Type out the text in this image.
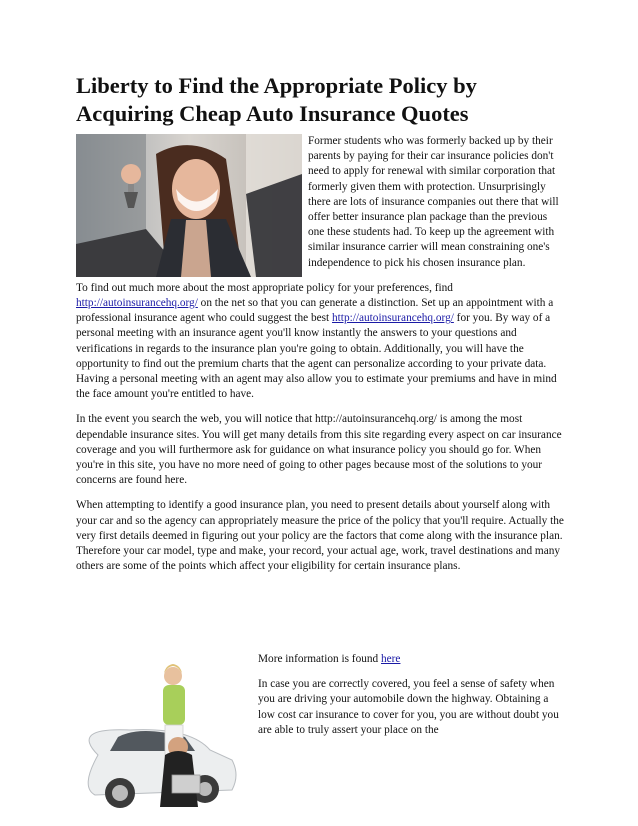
Liberty to Find the Appropriate Policy by Acquiring Cheap Auto Insurance Quotes

Former students who was formerly backed up by their parents by paying for their car insurance policies don't need to apply for renewal with similar corporation that formerly given them with protection. Unsurprisingly there are lots of insurance companies out there that will offer better insurance plan package than the previous one these students had. To keep up the agreement with similar insurance carrier will mean constraining one's independence to pick his chosen insurance plan.

To find out much more about the most appropriate policy for your preferences, find http://autoinsurancehq.org/ on the net so that you can generate a distinction. Set up an appointment with a professional insurance agent who could suggest the best http://autoinsurancehq.org/ for you. By way of a personal meeting with an insurance agent you'll know instantly the answers to your questions and verifications in regards to the insurance plan you're going to obtain. Additionally, you will have the opportunity to find out the premium charts that the agent can personalize according to your private data. Having a personal meeting with an agent may also allow you to estimate your premiums and have in mind the face amount you're entitled to have.

In the event you search the web, you will notice that http://autoinsurancehq.org/ is among the most dependable insurance sites. You will get many details from this site regarding every aspect on car insurance coverage and you will furthermore ask for guidance on what insurance policy you should go for. When you're in this site, you have no more need of going to other pages because most of the solutions to your concerns are found here.

When attempting to identify a good insurance plan, you need to present details about yourself along with your car and so the agency can appropriately measure the price of the policy that you'll require. Actually the very first details deemed in figuring out your policy are the factors that come along with the insurance plan. Therefore your car model, type and make, your record, your actual age, work, travel destinations and many others are some of the points which affect your eligibility for certain insurance plans.

More information is found here

In case you are correctly covered, you feel a sense of safety when you are driving your automobile down the highway. Obtaining a low cost car insurance to cover for you, you are without doubt you are able to truly assert your place on the
